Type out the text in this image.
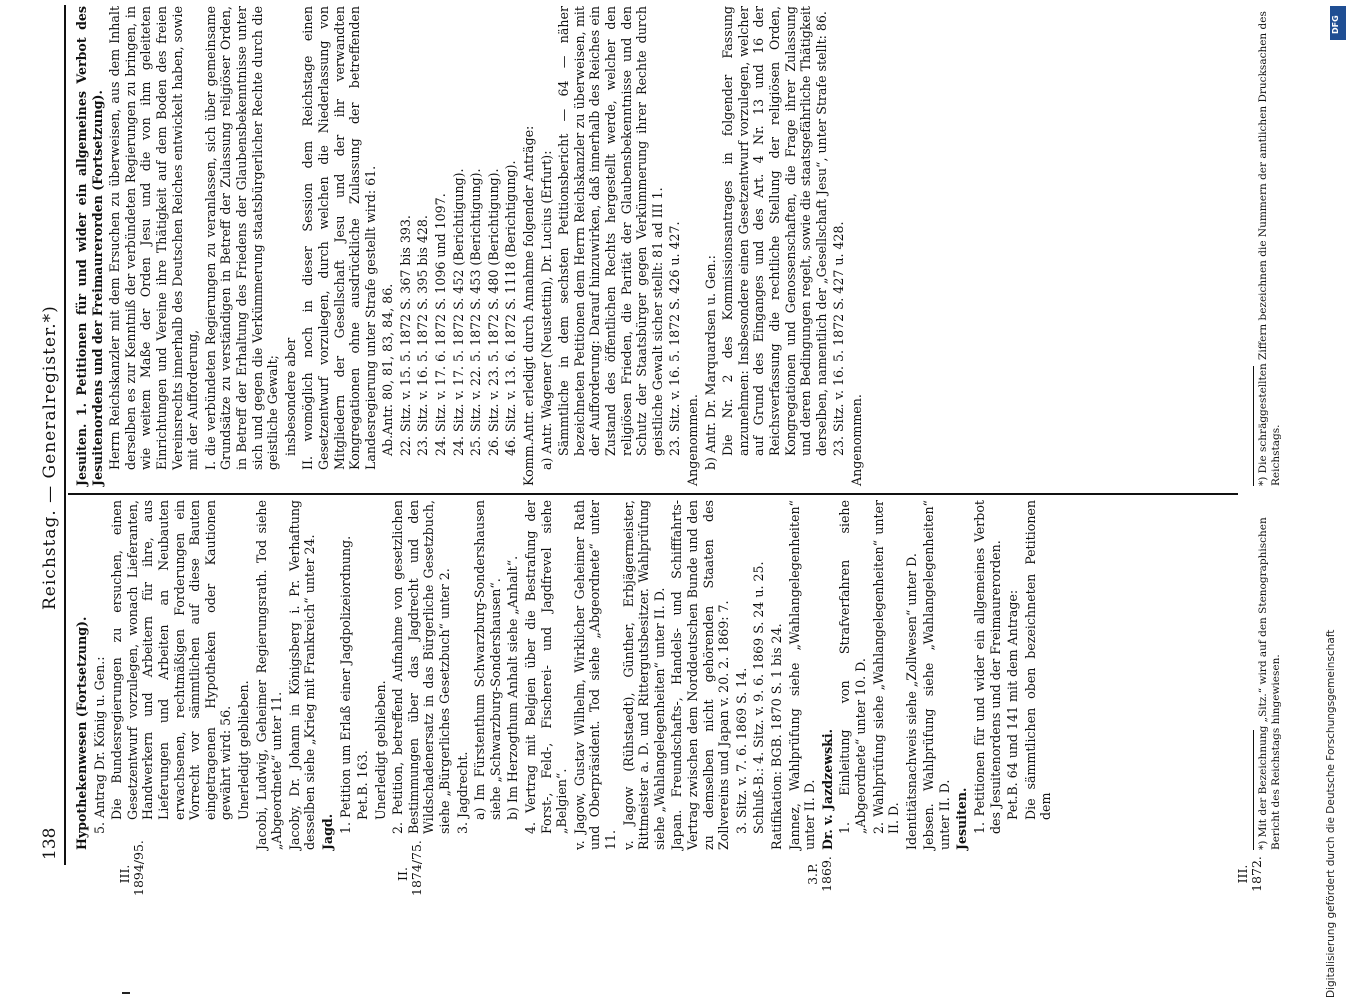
138
Reichstag. — Generalregister.*)
III. 1894/95.	II. 1874/75.	3.P. 1869.	III. 1872.

Hypothekenwesen (Fortsetzung). 5. Antrag Dr. König u. Gen.: Die Bundesregierungen zu ersuchen, einen Gesetzentwurf vorzulegen, wonach Lieferanten, Handwerkern und Arbeitern für ihre, aus Lieferungen und Arbeiten an Neubauten erwachsenen, rechtmäßigen Forderungen ein Vorrecht vor sämmtlichen auf diese Bauten eingetragenen Hypotheken oder Kautionen gewährt wird: 56. Unerledigt geblieben. Jacobi, Ludwig, Geheimer Regierungsrath. Tod siehe „Abgeordnete“ unter 11. Jacoby, Dr. Johann in Königsberg i. Pr. Verhaftung desselben siehe „Krieg mit Frankreich“ unter 24. Jagd. 1. Petition um Erlaß einer Jagdpolizeiordnung. Pet.B. 163. Unerledigt geblieben. 2. Petition, betreffend Aufnahme von gesetzlichen Bestimmungen über das Jagdrecht und den Wildschadenersatz in das Bürgerliche Gesetzbuch, siehe „Bürgerliches Gesetzbuch“ unter 2. 3. Jagdrecht. a) Im Fürstenthum Schwarzburg-Sondershausen siehe „Schwarzburg-Sondershausen“. b) Im Herzogthum Anhalt siehe „Anhalt“. 4. Vertrag mit Belgien über die Bestrafung der Forst-, Feld-, Fischerei- und Jagdfrevel siehe „Belgien“. v. Jagow, Gustav Wilhelm, Wirklicher Geheimer Rath und Oberpräsident. Tod siehe „Abgeordnete“ unter 11. v. Jagow (Rühstaedt), Günther, Erbjägermeister, Rittmeister a. D. und Rittergutsbesitzer. Wahlprüfung siehe „Wahlangelegenheiten“ unter II. D. Japan. Freundschafts-, Handels- und Schifffahrts-Vertrag zwischen dem Norddeutschen Bunde und den zu demselben nicht gehörenden Staaten des Zollvereins und Japan v. 20. 2. 1869: 7. 3. Sitz. v. 7. 6. 1869 S. 14. Schluß-B.: 4. Sitz. v. 9. 6. 1869 S. 24 u. 25. Ratifikation: BGB. 1870 S. 1 bis 24. Jannez, Wahlprüfung siehe „Wahlangelegenheiten“ unter II. D. Dr. v. Jazdzewski. 1. Einleitung von Strafverfahren siehe „Abgeordnete“ unter 10. D. 2. Wahlprüfung siehe „Wahlangelegenheiten“ unter II. D. Identitätsnachweis siehe „Zollwesen“ unter D. Jebsen. Wahlprüfung siehe „Wahlangelegenheiten“ unter II. D. Jesuiten. 1. Petitionen für und wider ein allgemeines Verbot des Jesuitenordens und der Freimaurerorden. Pet.B. 64 und 141 mit dem Antrage: Die sämmtlichen oben bezeichneten Petitionen dem	*) Mit der Bezeichnung „Sitz.“ wird auf den Stenographischen Bericht des Reichstags hingewiesen.

Jesuiten. 1. Petitionen für und wider ein allgemeines Verbot des Jesuitenordens und der Freimaurerorden (Fortsetzung). Herrn Reichskanzler mit dem Ersuchen zu überweisen, aus dem Inhalt derselben es zur Kenntniß der verbündeten Regierungen zu bringen, in wie weitem Maße der Orden Jesu und die von ihm geleiteten Einrichtungen und Vereine ihre Thätigkeit auf dem Boden des freien Vereinsrechts innerhalb des Deutschen Reiches entwickelt haben, sowie mit der Aufforderung, I. die verbündeten Regierungen zu veranlassen, sich über gemeinsame Grundsätze zu verständigen in Betreff der Zulassung religiöser Orden, in Betreff der Erhaltung des Friedens der Glaubensbekenntnisse unter sich und gegen die Verkümmerung staatsbürgerlicher Rechte durch die geistliche Gewalt; insbesondere aber II. womöglich noch in dieser Session dem Reichstage einen Gesetzentwurf vorzulegen, durch welchen die Niederlassung von Mitgliedern der Gesellschaft Jesu und der ihr verwandten Kongregationen ohne ausdrückliche Zulassung der betreffenden Landesregierung unter Strafe gestellt wird: 61. Ab.Antr. 80, 81, 83, 84, 86. 22. Sitz. v. 15. 5. 1872 S. 367 bis 393. 23. Sitz. v. 16. 5. 1872 S. 395 bis 428. 24. Sitz. v. 17. 6. 1872 S. 1096 und 1097. 24. Sitz. v. 17. 5. 1872 S. 452 (Berichtigung). 25. Sitz. v. 22. 5. 1872 S. 453 (Berichtigung). 26. Sitz. v. 23. 5. 1872 S. 480 (Berichtigung). 46. Sitz. v. 13. 6. 1872 S. 1118 (Berichtigung). Komm.Antr. erledigt durch Annahme folgender Anträge: a) Antr. Wagener (Neustettin), Dr. Lucius (Erfurt): Sämmtliche in dem sechsten Petitionsbericht — 64 — näher bezeichneten Petitionen dem Herrn Reichskanzler zu überweisen, mit der Aufforderung: Darauf hinzuwirken, daß innerhalb des Reiches ein Zustand des öffentlichen Rechts hergestellt werde, welcher den religiösen Frieden, die Parität der Glaubensbekenntnisse und den Schutz der Staatsbürger gegen Verkümmerung ihrer Rechte durch geistliche Gewalt sicher stellt: 81 ad III 1. 23. Sitz. v. 16. 5. 1872 S. 426 u. 427. Angenommen. b) Antr. Dr. Marquardsen u. Gen.: Die Nr. 2 des Kommissionsantrages in folgender Fassung anzunehmen: Insbesondere einen Gesetzentwurf vorzulegen, welcher auf Grund des Einganges und des Art. 4 Nr. 13 und 16 der Reichsverfassung die rechtliche Stellung der religiösen Orden, Kongregationen und Genossenschaften, die Frage ihrer Zulassung und deren Bedingungen regelt, sowie die staatsgefährliche Thätigkeit derselben, namentlich der „Gesellschaft Jesu“, unter Strafe stellt: 86. 23. Sitz. v. 16. 5. 1872 S. 427 u. 428. Angenommen.	*) Die schräggestellten Ziffern bezeichnen die Nummern der amtlichen Drucksachen des Reichstags.
DFG
Digitalisierung gefördert durch die Deutsche Forschungsgemeinschaft
